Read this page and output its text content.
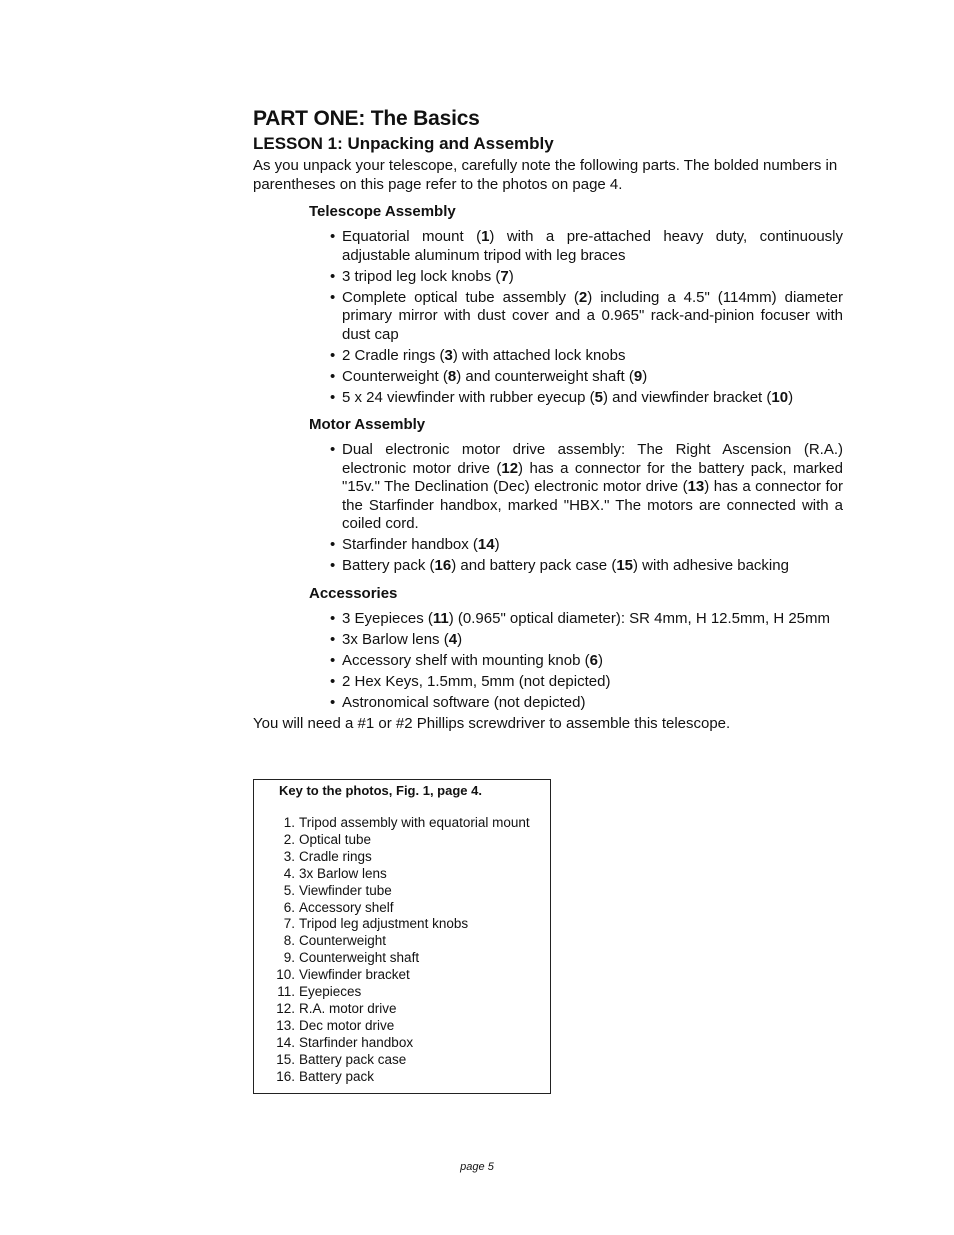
PART ONE: The Basics
LESSON 1: Unpacking and Assembly

As you unpack your telescope, carefully note the following parts. The bolded numbers in parentheses on this page refer to the photos on page 4.

Telescope Assembly
• Equatorial mount (1) with a pre-attached heavy duty, continuously adjustable aluminum tripod with leg braces
• 3 tripod leg lock knobs (7)
• Complete optical tube assembly (2) including a 4.5" (114mm) diameter primary mirror with dust cover and a 0.965" rack-and-pinion focuser with dust cap
• 2 Cradle rings (3) with attached lock knobs
• Counterweight (8) and counterweight shaft (9)
• 5 x 24 viewfinder with rubber eyecup (5) and viewfinder bracket (10)
Motor Assembly
• Dual electronic motor drive assembly: The Right Ascension (R.A.) electronic motor drive (12) has a connector for the battery pack, marked "15v." The Declination (Dec) electronic motor drive (13) has a connector for the Starfinder handbox, marked "HBX." The motors are connected with a coiled cord.
• Starfinder handbox (14)
• Battery pack (16) and battery pack case (15) with adhesive backing
Accessories
• 3 Eyepieces (11) (0.965" optical diameter): SR 4mm, H 12.5mm, H 25mm
• 3x Barlow lens (4)
• Accessory shelf with mounting knob (6)
• 2 Hex Keys, 1.5mm, 5mm (not depicted)
• Astronomical software (not depicted)

You will need a #1 or #2 Phillips screwdriver to assemble this telescope.

Key to the photos, Fig. 1, page 4.
1. Tripod assembly with equatorial mount
2. Optical tube
3. Cradle rings
4. 3x Barlow lens
5. Viewfinder tube
6. Accessory shelf
7. Tripod leg adjustment knobs
8. Counterweight
9. Counterweight shaft
10. Viewfinder bracket
11. Eyepieces
12. R.A. motor drive
13. Dec motor drive
14. Starfinder handbox
15. Battery pack case
16. Battery pack
page 5
